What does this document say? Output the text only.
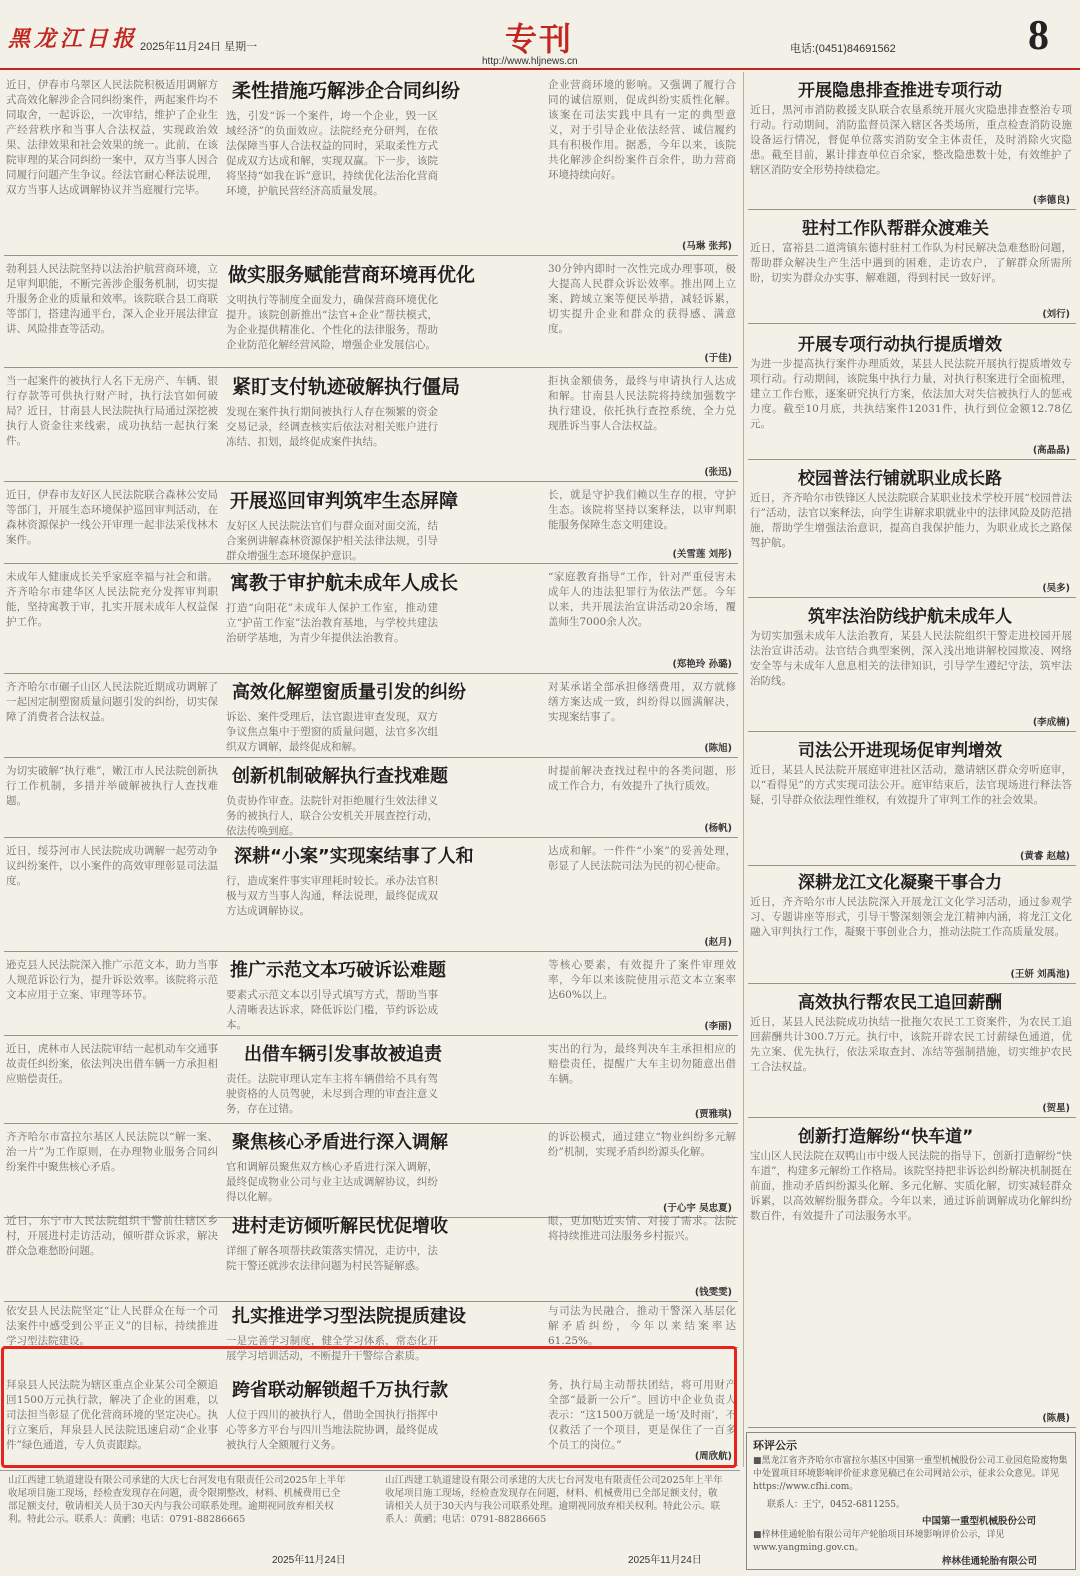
黑龙江日报 2025年11月24日 星期一	专刊
http://www.hljnews.cn
电话:(0451)84691562	8
柔性措施巧解涉企合同纠纷
近日，伊春市乌翠区人民法院积极适用调解方式高效化解涉企合同纠纷案件，两起案件均不同取舍，一起诉讼，一次审结，维护了企业生产经营秩序和当事人合法权益，实现政治效果、法律效果和社会效果的统一。此前，在该院审理的某合同纠纷一案中，双方当事人因合同履行问题产生争议。经法官耐心释法说理，双方当事人达成调解协议并当庭履行完毕。
选，引发“诉一个案件，垮一个企业，毁一区域经济”的负面效应。法院经充分研判，在依法保障当事人合法权益的同时，采取柔性方式促成双方达成和解，实现双赢。下一步，该院将坚持“如我在诉”意识，持续优化法治化营商环境，护航民营经济高质量发展。
企业营商环境的影响。又强调了履行合同的诚信原则，促成纠纷实质性化解。该案在司法实践中具有一定的典型意义，对于引导企业依法经营、诚信履约具有积极作用。据悉，今年以来，该院共化解涉企纠纷案件百余件，助力营商环境持续向好。
(马琳 张邦)
做实服务赋能营商环境再优化
勃利县人民法院坚持以法治护航营商环境，立足审判职能，不断完善涉企服务机制，切实提升服务企业的质量和效率。该院联合县工商联等部门，搭建沟通平台，深入企业开展法律宣讲、风险排查等活动。
文明执行等制度全面发力，确保营商环境优化提升。该院创新推出“法官+企业”帮扶模式，为企业提供精准化、个性化的法律服务，帮助企业防范化解经营风险，增强企业发展信心。
30分钟内即时一次性完成办理事项，极大提高人民群众诉讼效率。推出网上立案、跨域立案等便民举措，减轻诉累，切实提升企业和群众的获得感、满意度。
(于佳)
紧盯支付轨迹破解执行僵局
当一起案件的被执行人名下无房产、车辆、银行存款等可供执行财产时，执行法官如何破局？近日，甘南县人民法院执行局通过深挖被执行人资金往来线索，成功执结一起执行案件。
发现在案件执行期间被执行人存在频繁的资金交易记录，经调查核实后依法对相关账户进行冻结、扣划，最终促成案件执结。
拒执金额债务，最终与申请执行人达成和解。甘南县人民法院将持续加强数字执行建设，依托执行查控系统，全力兑现胜诉当事人合法权益。
(张迅)
开展巡回审判筑牢生态屏障
近日，伊春市友好区人民法院联合森林公安局等部门，开展生态环境保护巡回审判活动，在森林资源保护一线公开审理一起非法采伐林木案件。
友好区人民法院法官们与群众面对面交流，结合案例讲解森林资源保护相关法律法规，引导群众增强生态环境保护意识。
长，就是守护我们赖以生存的根，守护生态。该院将坚持以案释法，以审判职能服务保障生态文明建设。
(关雪莲 刘彤)
寓教于审护航未成年人成长
未成年人健康成长关乎家庭幸福与社会和谐。齐齐哈尔市建华区人民法院充分发挥审判职能，坚持寓教于审，扎实开展未成年人权益保护工作。
打造“向阳花”未成年人保护工作室，推动建立“护苗工作室”法治教育基地，与学校共建法治研学基地，为青少年提供法治教育。
“家庭教育指导”工作，针对严重侵害未成年人的违法犯罪行为依法严惩。今年以来，共开展法治宣讲活动20余场，覆盖师生7000余人次。
(郑艳玲 孙璐)
高效化解塑窗质量引发的纠纷
齐齐哈尔市碾子山区人民法院近期成功调解了一起因定制塑窗质量问题引发的纠纷，切实保障了消费者合法权益。	诉讼、案件受理后，法官跟进审查发现，双方争议焦点集中于塑窗的质量问题，法官多次组织双方调解，最终促成和解。
对某承诺全部承担修缮费用，双方就修缮方案达成一致，纠纷得以圆满解决，实现案结事了。
(陈旭)
创新机制破解执行查找难题
为切实破解“执行难”，嫩江市人民法院创新执行工作机制，多措并举破解被执行人查找难题。	负责协作审查。法院针对拒绝履行生效法律义务的被执行人，联合公安机关开展查控行动，依法传唤到庭。
时提前解决查找过程中的各类问题，形成工作合力，有效提升了执行质效。
(杨帆)
深耕“小案”实现案结事了人和
近日，绥芬河市人民法院成功调解一起劳动争议纠纷案件，以小案件的高效审理彰显司法温度。	行，造成案件事实审理耗时较长。承办法官积极与双方当事人沟通，释法说理，最终促成双方达成调解协议。
达成和解。一件件“小案”的妥善处理，彰显了人民法院司法为民的初心使命。
(赵月)
推广示范文本巧破诉讼难题
逊克县人民法院深入推广示范文本，助力当事人规范诉讼行为，提升诉讼效率。该院将示范文本应用于立案、审理等环节。	要素式示范文本以引导式填写方式，帮助当事人清晰表达诉求，降低诉讼门槛，节约诉讼成本。
等核心要素，有效提升了案件审理效率，今年以来该院使用示范文本立案率达60%以上。
(李丽)
出借车辆引发事故被追责
近日，虎林市人民法院审结一起机动车交通事故责任纠纷案，依法判决出借车辆一方承担相应赔偿责任。	责任。法院审理认定车主将车辆借给不具有驾驶资格的人员驾驶，未尽到合理的审查注意义务，存在过错。
实出的行为，最终判决车主承担相应的赔偿责任，提醒广大车主切勿随意出借车辆。
(贾雅琪)
聚焦核心矛盾进行深入调解
齐齐哈尔市富拉尔基区人民法院以“解一案、治一片”为工作原则，在办理物业服务合同纠纷案件中聚焦核心矛盾。	官和调解员聚焦双方核心矛盾进行深入调解，最终促成物业公司与业主达成调解协议，纠纷得以化解。
的诉讼模式，通过建立“物业纠纷多元解纷”机制，实现矛盾纠纷源头化解。
(于心宇 吴忠夏)
进村走访倾听解民忧促增收
近日，东宁市人民法院组织干警前往辖区乡村，开展进村走访活动，倾听群众诉求，解决群众急难愁盼问题。	详细了解各项帮扶政策落实情况，走访中，法院干警还就涉农法律问题为村民答疑解惑。
眼，更加贴近实情、对接了需求。法院将持续推进司法服务乡村振兴。
(钱雯雯)
扎实推进学习型法院提质建设
依安县人民法院坚定“让人民群众在每一个司法案件中感受到公平正义”的目标，持续推进学习型法院建设。	一是完善学习制度，健全学习体系，常态化开展学习培训活动，不断提升干警综合素质。
与司法为民融合，推动干警深入基层化解矛盾纠纷，今年以来结案率达61.25%。
跨省联动解锁超千万执行款
拜泉县人民法院为辖区重点企业某公司全额追回1500万元执行款，解决了企业的困难，以司法担当彰显了优化营商环境的坚定决心。执行立案后，拜泉县人民法院迅速启动“企业事件”绿色通道，专人负责跟踪。
人位于四川的被执行人，借助全国执行指挥中心等多方平台与四川当地法院协调，最终促成被执行人全额履行义务。
务，执行局主动帮扶团结，将可用财产全部“最新一公斤”。回访中企业负责人表示：“这1500万就是一场‘及时雨’，不仅救活了一个项目，更是保住了一百多个员工的岗位。”
(周欣航)
开展隐患排查推进专项行动
近日，黑河市消防救援支队联合农垦系统开展火灾隐患排查整治专项行动。行动期间，消防监督员深入辖区各类场所，重点检查消防设施设备运行情况，督促单位落实消防安全主体责任，及时消除火灾隐患。截至目前，累计排查单位百余家，整改隐患数十处，有效维护了辖区消防安全形势持续稳定。
(李德良)
驻村工作队帮群众渡难关
近日，富裕县二道湾镇东德村驻村工作队为村民解决急难愁盼问题，帮助群众解决生产生活中遇到的困难，走访农户，了解群众所需所盼，切实为群众办实事、解难题，得到村民一致好评。
(刘行)
开展专项行动执行提质增效
为进一步提高执行案件办理质效，某县人民法院开展执行提质增效专项行动。行动期间，该院集中执行力量，对执行积案进行全面梳理，建立工作台账，逐案研究执行方案，依法加大对失信被执行人的惩戒力度。截至10月底，共执结案件12031件，执行到位金额12.78亿元。
(高晶晶)
校园普法行铺就职业成长路
近日，齐齐哈尔市铁锋区人民法院联合某职业技术学校开展“校园普法行”活动，法官以案释法，向学生讲解求职就业中的法律风险及防范措施，帮助学生增强法治意识，提高自我保护能力，为职业成长之路保驾护航。
(吴多)
筑牢法治防线护航未成年人
为切实加强未成年人法治教育，某县人民法院组织干警走进校园开展法治宣讲活动。法官结合典型案例，深入浅出地讲解校园欺凌、网络安全等与未成年人息息相关的法律知识，引导学生遵纪守法，筑牢法治防线。
(李成楠)
司法公开进现场促审判增效
近日，某县人民法院开展庭审进社区活动，邀请辖区群众旁听庭审，以“看得见”的方式实现司法公开。庭审结束后，法官现场进行释法答疑，引导群众依法理性维权，有效提升了审判工作的社会效果。
(黄睿 赵越)
深耕龙江文化凝聚干事合力
近日，齐齐哈尔市人民法院深入开展龙江文化学习活动，通过参观学习、专题讲座等形式，引导干警深刻领会龙江精神内涵，将龙江文化融入审判执行工作，凝聚干事创业合力，推动法院工作高质量发展。
(王妍 刘禹池)
高效执行帮农民工追回薪酬
近日，某县人民法院成功执结一批拖欠农民工工资案件，为农民工追回薪酬共计300.7万元。执行中，该院开辟农民工讨薪绿色通道，优先立案、优先执行，依法采取查封、冻结等强制措施，切实维护农民工合法权益。
(贺星)
创新打造解纷“快车道”
宝山区人民法院在双鸭山市中级人民法院的指导下，创新打造解纷“快车道”，构建多元解纷工作格局。该院坚持把非诉讼纠纷解决机制挺在前面，推动矛盾纠纷源头化解、多元化解、实质化解，切实减轻群众诉累，以高效解纷服务群众。今年以来，通过诉前调解成功化解纠纷数百件，有效提升了司法服务水平。
(陈晨)
环评公示
■黑龙江省齐齐哈尔市富拉尔基区中国第一重型机械股份公司工业园危险废物集中处置项目环境影响评价征求意见稿已在公司网站公示，征求公众意见。详见https://www.cfhi.com。
联系人：王宁，0452-6811255。
中国第一重型机械股份公司
■梓林佳通轮胎有限公司年产轮胎项目环境影响评价公示，详见 www.yangming.gov.cn。
梓林佳通轮胎有限公司
山江西建工轨道建设有限公司承建的大庆七台河发电有限责任公司2025年上半年收尾项目施工现场，经检查发现存在问题，责令限期整改，材料、机械费用已全部足额支付，敬请相关人员于30天内与我公司联系处理。逾期视同放弃相关权利。特此公示。联系人：黄鹂；电话：0791-88286665
2025年11月24日
山江西建工轨道建设有限公司承建的大庆七台河发电有限责任公司2025年上半年收尾项目施工现场，经检查发现存在问题，材料、机械费用已全部足额支付，敬请相关人员于30天内与我公司联系处理。逾期视同放弃相关权利。特此公示。联系人：黄鹂；电话：0791-88286665
2025年11月24日
